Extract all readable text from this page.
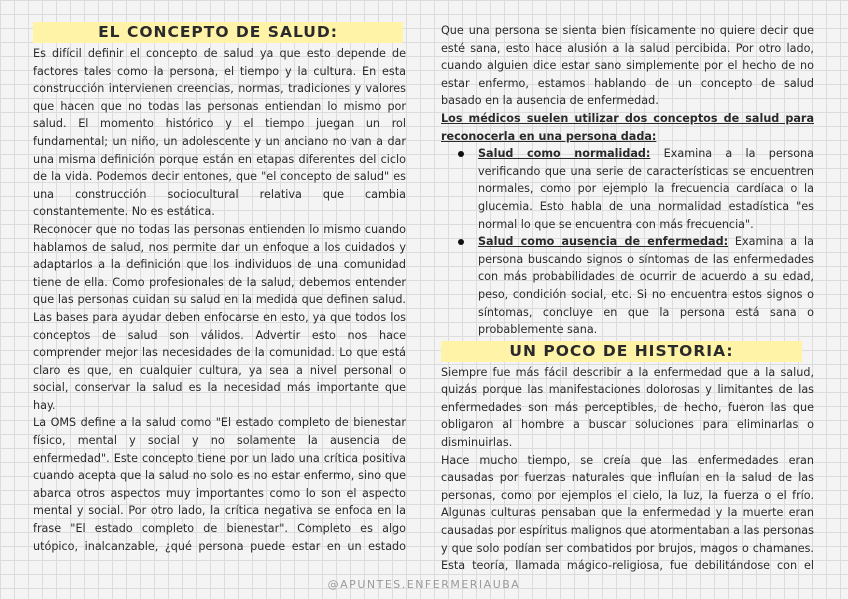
EL CONCEPTO DE SALUD:

Es difícil definir el concepto de salud ya que esto depende de factores tales como la persona, el tiempo y la cultura. En esta construcción intervienen creencias, normas, tradiciones y valores que hacen que no todas las personas entiendan lo mismo por salud. El momento histórico y el tiempo juegan un rol fundamental; un niño, un adolescente y un anciano no van a dar una misma definición porque están en etapas diferentes del ciclo de la vida. Podemos decir entones, que "el concepto de salud" es una construcción sociocultural relativa que cambia constantemente. No es estática.

Reconocer que no todas las personas entienden lo mismo cuando hablamos de salud, nos permite dar un enfoque a los cuidados y adaptarlos a la definición que los individuos de una comunidad tiene de ella. Como profesionales de la salud, debemos entender que las personas cuidan su salud en la medida que definen salud. Las bases para ayudar deben enfocarse en esto, ya que todos los conceptos de salud son válidos. Advertir esto nos hace comprender mejor las necesidades de la comunidad. Lo que está claro es que, en cualquier cultura, ya sea a nivel personal o social, conservar la salud es la necesidad más importante que hay.

La OMS define a la salud como "El estado completo de bienestar físico, mental y social y no solamente la ausencia de enfermedad". Este concepto tiene por un lado una crítica positiva cuando acepta que la salud no solo es no estar enfermo, sino que abarca otros aspectos muy importantes como lo son el aspecto mental y social. Por otro lado, la crítica negativa se enfoca en la frase "El estado completo de bienestar". Completo es algo utópico, inalcanzable, ¿qué persona puede estar en un estado

Que una persona se sienta bien físicamente no quiere decir que esté sana, esto hace alusión a la salud percibida. Por otro lado, cuando alguien dice estar sano simplemente por el hecho de no estar enfermo, estamos hablando de un concepto de salud basado en la ausencia de enfermedad.

Los médicos suelen utilizar dos conceptos de salud para reconocerla en una persona dada:

Salud como normalidad: Examina a la persona verificando que una serie de características se encuentren normales, como por ejemplo la frecuencia cardíaca o la glucemia. Esto habla de una normalidad estadística "es normal lo que se encuentra con más frecuencia".
Salud como ausencia de enfermedad: Examina a la persona buscando signos o síntomas de las enfermedades con más probabilidades de ocurrir de acuerdo a su edad, peso, condición social, etc. Si no encuentra estos signos o síntomas, concluye en que la persona está sana o probablemente sana.
UN POCO DE HISTORIA:

Siempre fue más fácil describir a la enfermedad que a la salud, quizás porque las manifestaciones dolorosas y limitantes de las enfermedades son más perceptibles, de hecho, fueron las que obligaron al hombre a buscar soluciones para eliminarlas o disminuirlas.

Hace mucho tiempo, se creía que las enfermedades eran causadas por fuerzas naturales que influían en la salud de las personas, como por ejemplos el cielo, la luz, la fuerza o el frío. Algunas culturas pensaban que la enfermedad y la muerte eran causadas por espíritus malignos que atormentaban a las personas y que solo podían ser combatidos por brujos, magos o chamanes. Esta teoría, llamada mágico-religiosa, fue debilitándose con el

@APUNTES.ENFERMERIAUBA
